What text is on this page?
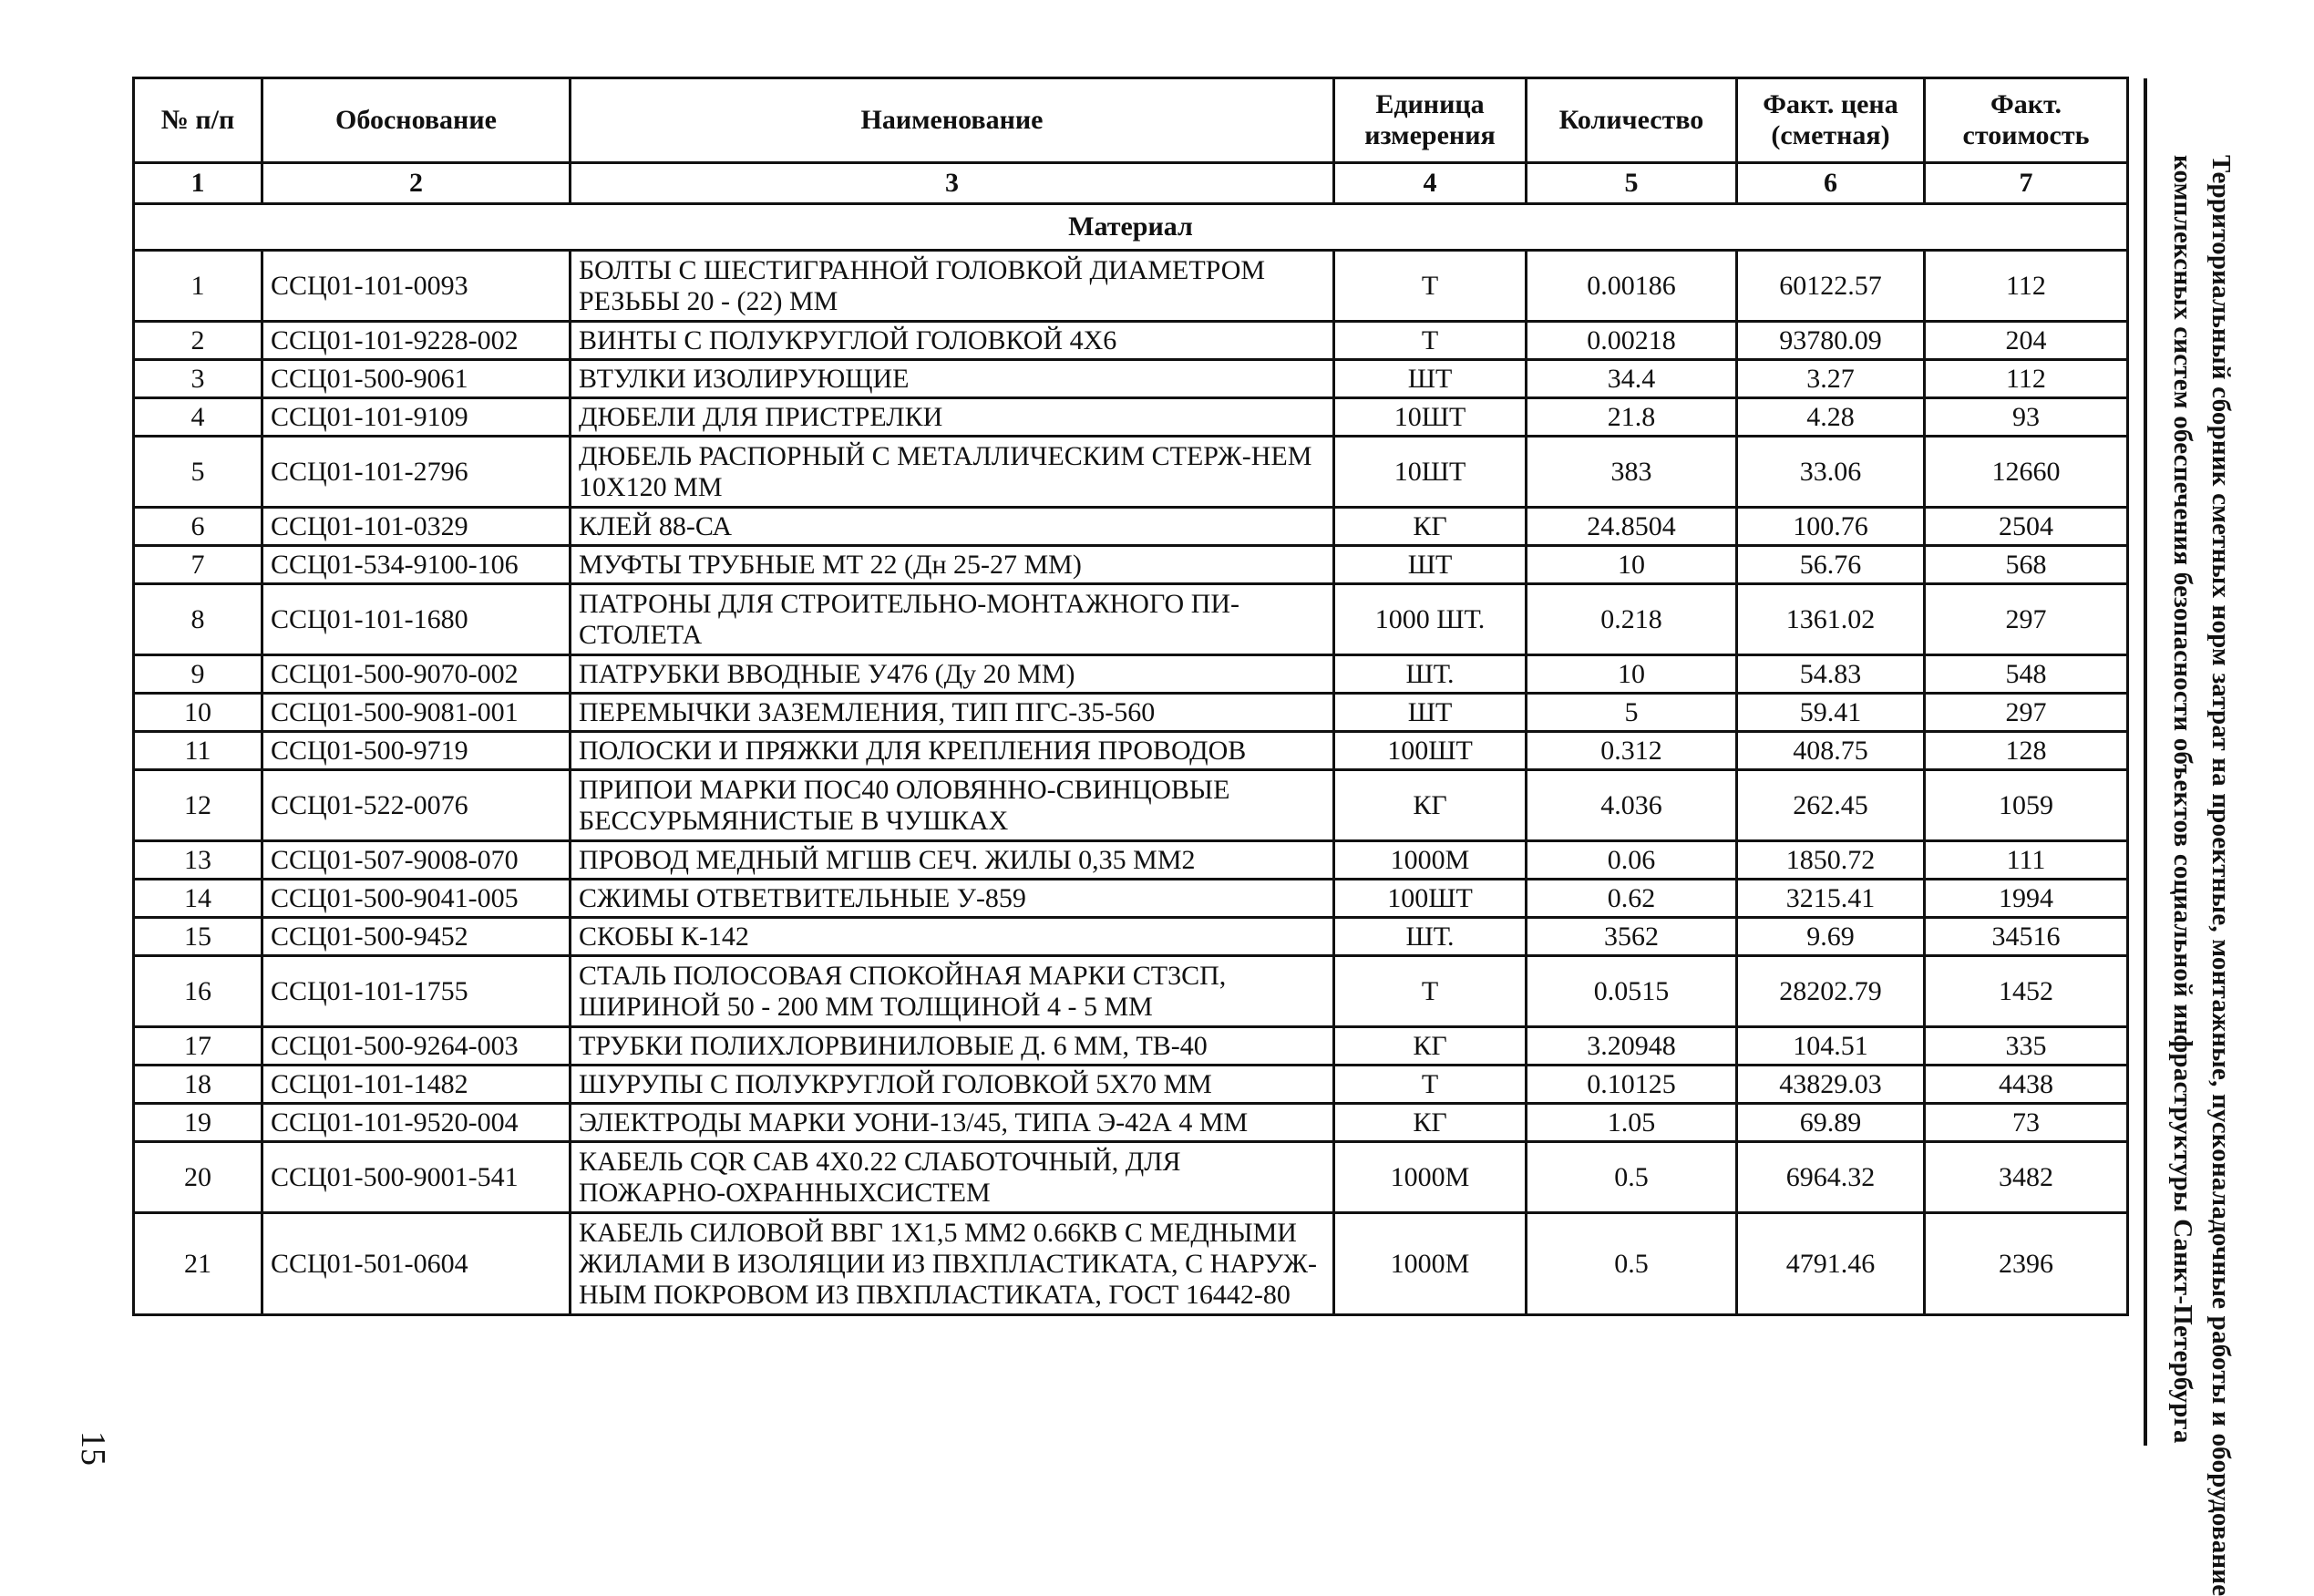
№ п/п	Обоснование	Наименование	Единица измерения	Количество	Факт. цена (сметная)	Факт. стоимость
1	2	3	4	5	6	7
Материал						
1	ССЦ01-101-0093	БОЛТЫ С ШЕСТИГРАННОЙ ГОЛОВКОЙ ДИАМЕТРОМ РЕЗЬБЫ 20 - (22) ММ	Т	0.00186	60122.57	112
2	ССЦ01-101-9228-002	ВИНТЫ С ПОЛУКРУГЛОЙ ГОЛОВКОЙ 4Х6	Т	0.00218	93780.09	204
3	ССЦ01-500-9061	ВТУЛКИ ИЗОЛИРУЮЩИЕ	ШТ	34.4	3.27	112
4	ССЦ01-101-9109	ДЮБЕЛИ ДЛЯ ПРИСТРЕЛКИ	10ШТ	21.8	4.28	93
5	ССЦ01-101-2796	ДЮБЕЛЬ РАСПОРНЫЙ С МЕТАЛЛИЧЕСКИМ СТЕРЖ-НЕМ 10Х120 ММ	10ШТ	383	33.06	12660
6	ССЦ01-101-0329	КЛЕЙ 88-СА	КГ	24.8504	100.76	2504
7	ССЦ01-534-9100-106	МУФТЫ ТРУБНЫЕ МТ 22 (Дн 25-27 ММ)	ШТ	10	56.76	568
8	ССЦ01-101-1680	ПАТРОНЫ ДЛЯ СТРОИТЕЛЬНО-МОНТАЖНОГО ПИ-СТОЛЕТА	1000 ШТ.	0.218	1361.02	297
9	ССЦ01-500-9070-002	ПАТРУБКИ ВВОДНЫЕ У476 (Ду 20 ММ)	ШТ.	10	54.83	548
10	ССЦ01-500-9081-001	ПЕРЕМЫЧКИ ЗАЗЕМЛЕНИЯ, ТИП ПГС-35-560	ШТ	5	59.41	297
11	ССЦ01-500-9719	ПОЛОСКИ И ПРЯЖКИ ДЛЯ КРЕПЛЕНИЯ ПРОВОДОВ	100ШТ	0.312	408.75	128
12	ССЦ01-522-0076	ПРИПОИ МАРКИ ПОС40 ОЛОВЯННО-СВИНЦОВЫЕ БЕССУРЬМЯНИСТЫЕ В ЧУШКАХ	КГ	4.036	262.45	1059
13	ССЦ01-507-9008-070	ПРОВОД МЕДНЫЙ МГШВ СЕЧ. ЖИЛЫ 0,35 ММ2	1000М	0.06	1850.72	111
14	ССЦ01-500-9041-005	СЖИМЫ ОТВЕТВИТЕЛЬНЫЕ У-859	100ШТ	0.62	3215.41	1994
15	ССЦ01-500-9452	СКОБЫ К-142	ШТ.	3562	9.69	34516
16	ССЦ01-101-1755	СТАЛЬ ПОЛОСОВАЯ СПОКОЙНАЯ МАРКИ СТ3СП, ШИРИНОЙ 50 - 200 ММ ТОЛЩИНОЙ 4 - 5 ММ	Т	0.0515	28202.79	1452
17	ССЦ01-500-9264-003	ТРУБКИ ПОЛИХЛОРВИНИЛОВЫЕ Д. 6 ММ, ТВ-40	КГ	3.20948	104.51	335
18	ССЦ01-101-1482	ШУРУПЫ С ПОЛУКРУГЛОЙ ГОЛОВКОЙ 5Х70 ММ	Т	0.10125	43829.03	4438
19	ССЦ01-101-9520-004	ЭЛЕКТРОДЫ МАРКИ УОНИ-13/45, ТИПА Э-42А 4 ММ	КГ	1.05	69.89	73
20	ССЦ01-500-9001-541	КАБЕЛЬ CQR CAB 4Х0.22 СЛАБОТОЧНЫЙ, ДЛЯ ПОЖАРНО-ОХРАННЫХСИСТЕМ	1000М	0.5	6964.32	3482
21	ССЦ01-501-0604	КАБЕЛЬ СИЛОВОЙ ВВГ 1Х1,5 ММ2 0.66КВ С МЕДНЫМИ ЖИЛАМИ В ИЗОЛЯЦИИ ИЗ ПВХПЛАСТИКАТА, С НАРУЖ-НЫМ ПОКРОВОМ ИЗ ПВХПЛАСТИКАТА, ГОСТ 16442-80	1000М	0.5	4791.46	2396	Территориальный сборник сметных норм затрат на проектные, монтажные, пусконаладочные работы и оборудование
комплексных систем обеспечения безопасности объектов социальной инфраструктуры Санкт-Петербурга
15
